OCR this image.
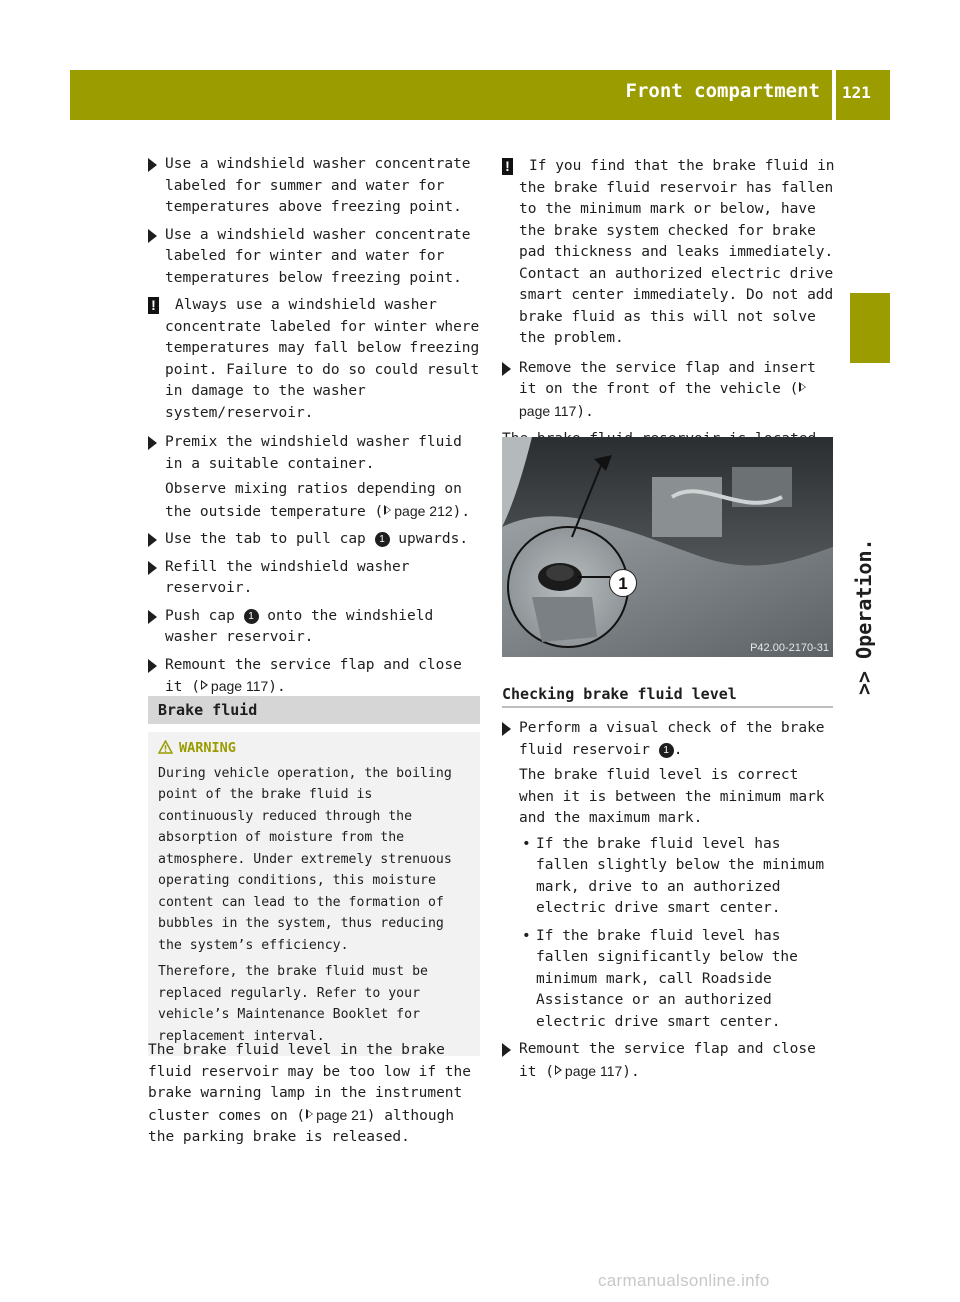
Front compartment 121
>> Operation.
Use a windshield washer concentrate labeled for summer and water for temperatures above freezing point.
Use a windshield washer concentrate labeled for winter and water for temperatures below freezing point.
! Always use a windshield washer concentrate labeled for winter where temperatures may fall below freezing point. Failure to do so could result in damage to the washer system/reservoir.
Premix the windshield washer fluid in a suitable container.
Observe mixing ratios depending on the outside temperature ( page 212).
Use the tab to pull cap 1 upwards.
Refill the windshield washer reservoir.
Push cap 1 onto the windshield washer reservoir.
Remount the service flap and close it ( page 117).
Brake fluid
WARNING

During vehicle operation, the boiling point of the brake fluid is continuously reduced through the absorption of moisture from the atmosphere. Under extremely strenuous operating conditions, this moisture content can lead to the formation of bubbles in the system, thus reducing the system’s efficiency.

Therefore, the brake fluid must be replaced regularly. Refer to your vehicle’s Maintenance Booklet for replacement interval.

The brake fluid level in the brake fluid reservoir may be too low if the brake warning lamp in the instrument cluster comes on ( page 21) although the parking brake is released.
! If you find that the brake fluid in the brake fluid reservoir has fallen to the minimum mark or below, have the brake system checked for brake pad thickness and leaks immediately. Contact an authorized electric drive smart center immediately. Do not add brake fluid as this will not solve the problem.
Remove the service flap and insert it on the front of the vehicle (page 117).

P42.00-2170-31
1
Checking brake fluid level
Perform a visual check of the brake fluid reservoir 1 .
The brake fluid level is correct when it is between the minimum mark and the maximum mark.
• If the brake fluid level has fallen slightly below the minimum mark, drive to an authorized electric drive smart center.
• If the brake fluid level has fallen significantly below the minimum mark, call Roadside Assistance or an authorized electric drive smart center.
Remount the service flap and close it ( page 117).
carmanualsonline.info
